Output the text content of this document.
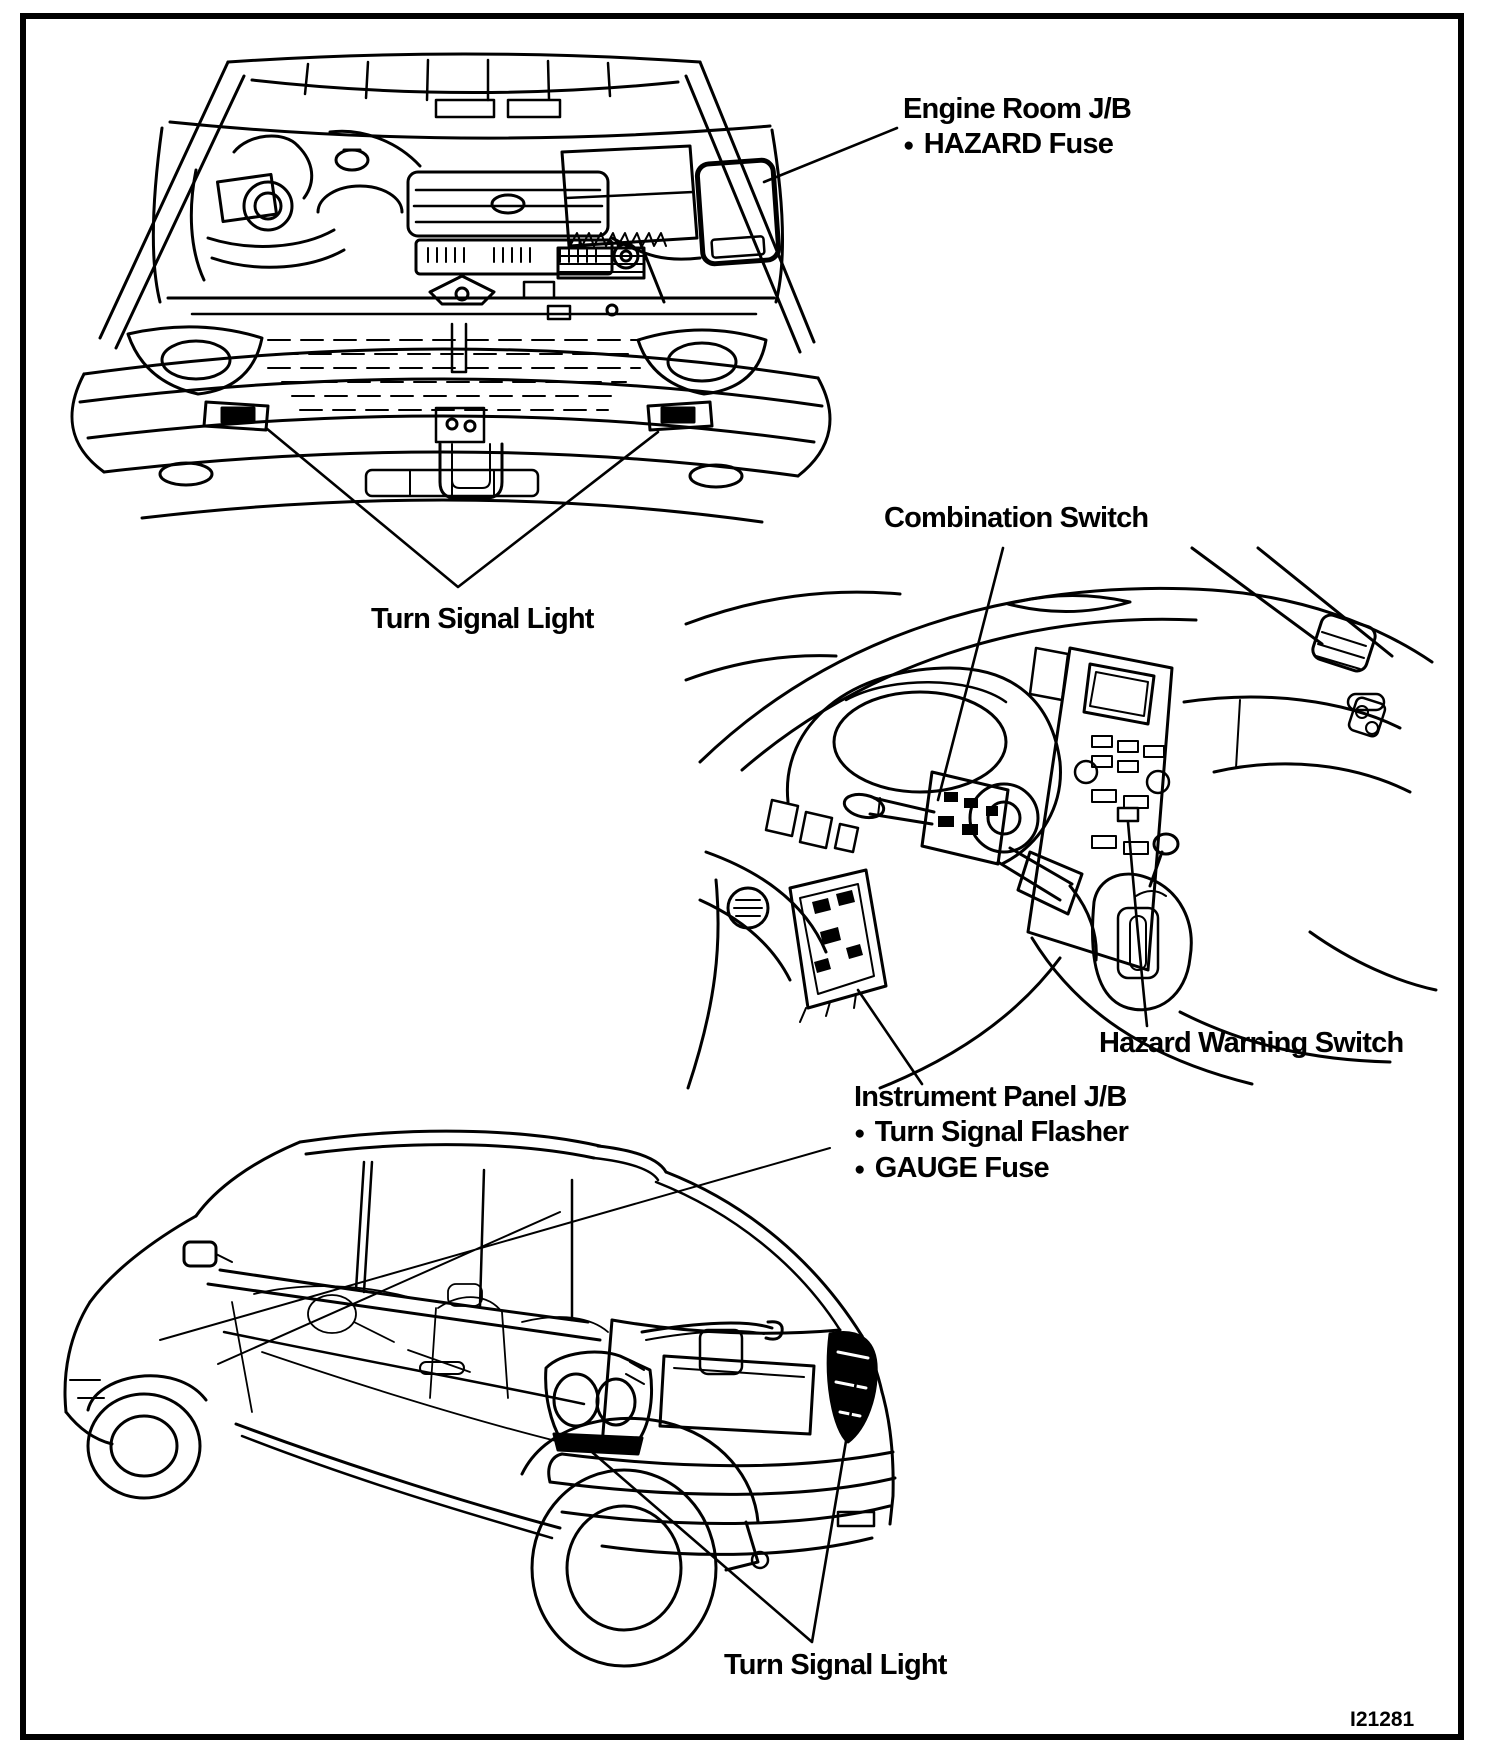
Engine Room J/B
● HAZARD Fuse
Turn Signal Light
Combination Switch
Hazard Warning Switch
Instrument Panel J/B
● Turn Signal Flasher
● GAUGE Fuse
Turn Signal Light
I21281
